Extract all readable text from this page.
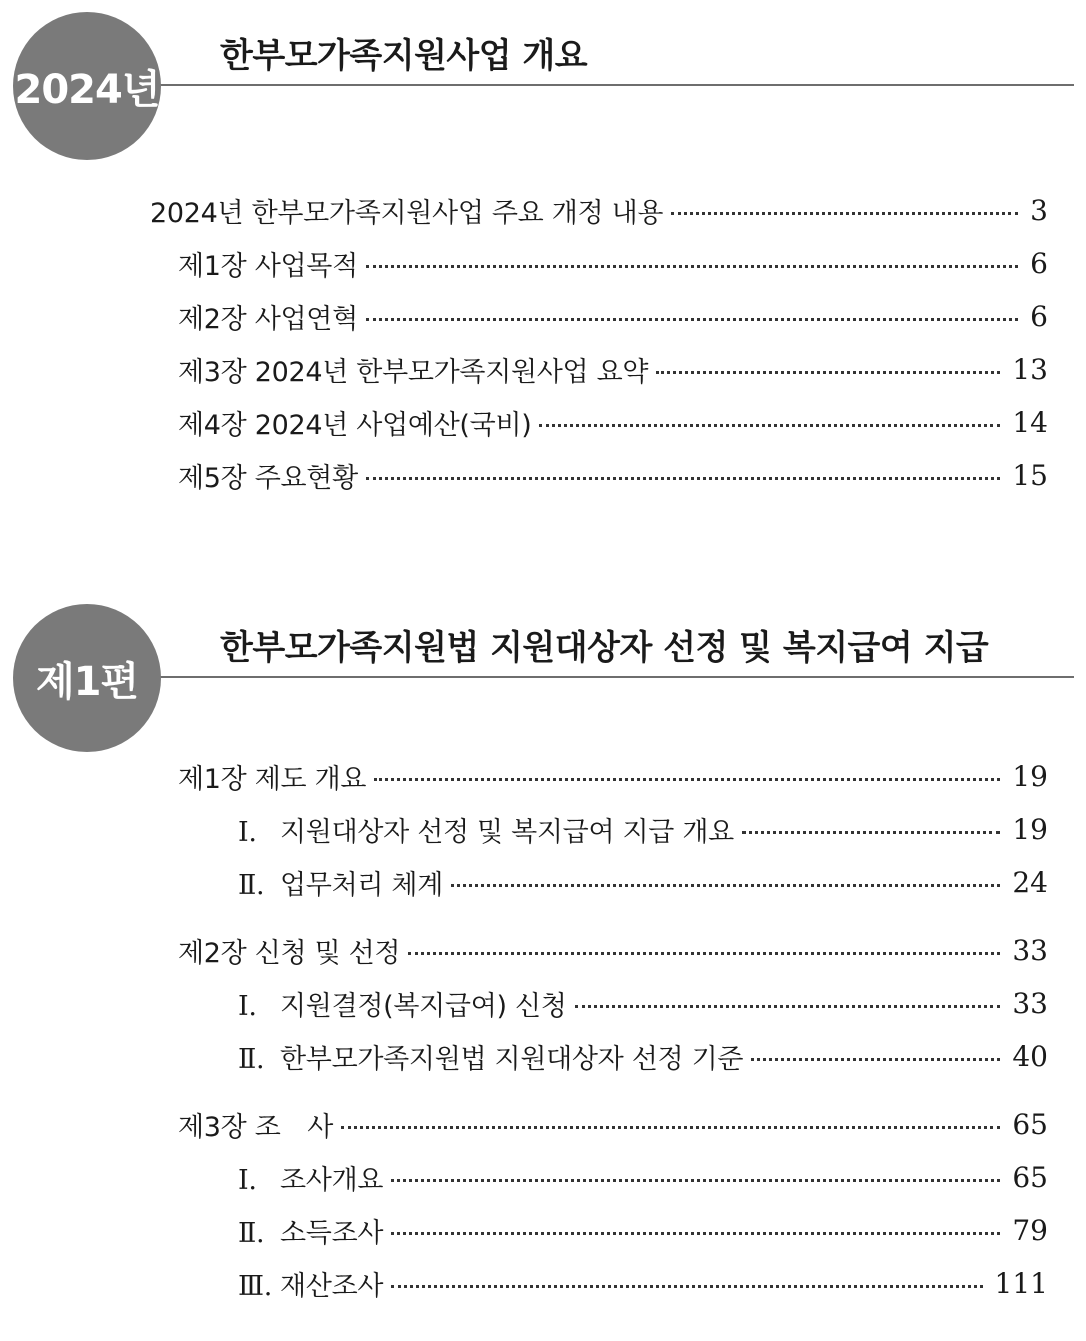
2024년
한부모가족지원사업 개요
2024년 한부모가족지원사업 주요 개정 내용	3
제1장 사업목적	6
제2장 사업연혁	6
제3장 2024년 한부모가족지원사업 요약	13
제4장 2024년 사업예산(국비)	14
제5장 주요현황	15
제1편
한부모가족지원법 지원대상자 선정 및 복지급여 지급
제1장 제도 개요	19
Ⅰ. 지원대상자 선정 및 복지급여 지급 개요	19
Ⅱ. 업무처리 체계	24
제2장 신청 및 선정	33
Ⅰ. 지원결정(복지급여) 신청	33
Ⅱ. 한부모가족지원법 지원대상자 선정 기준	40
제3장 조　사	65
Ⅰ. 조사개요	65
Ⅱ. 소득조사	79
Ⅲ. 재산조사	111
